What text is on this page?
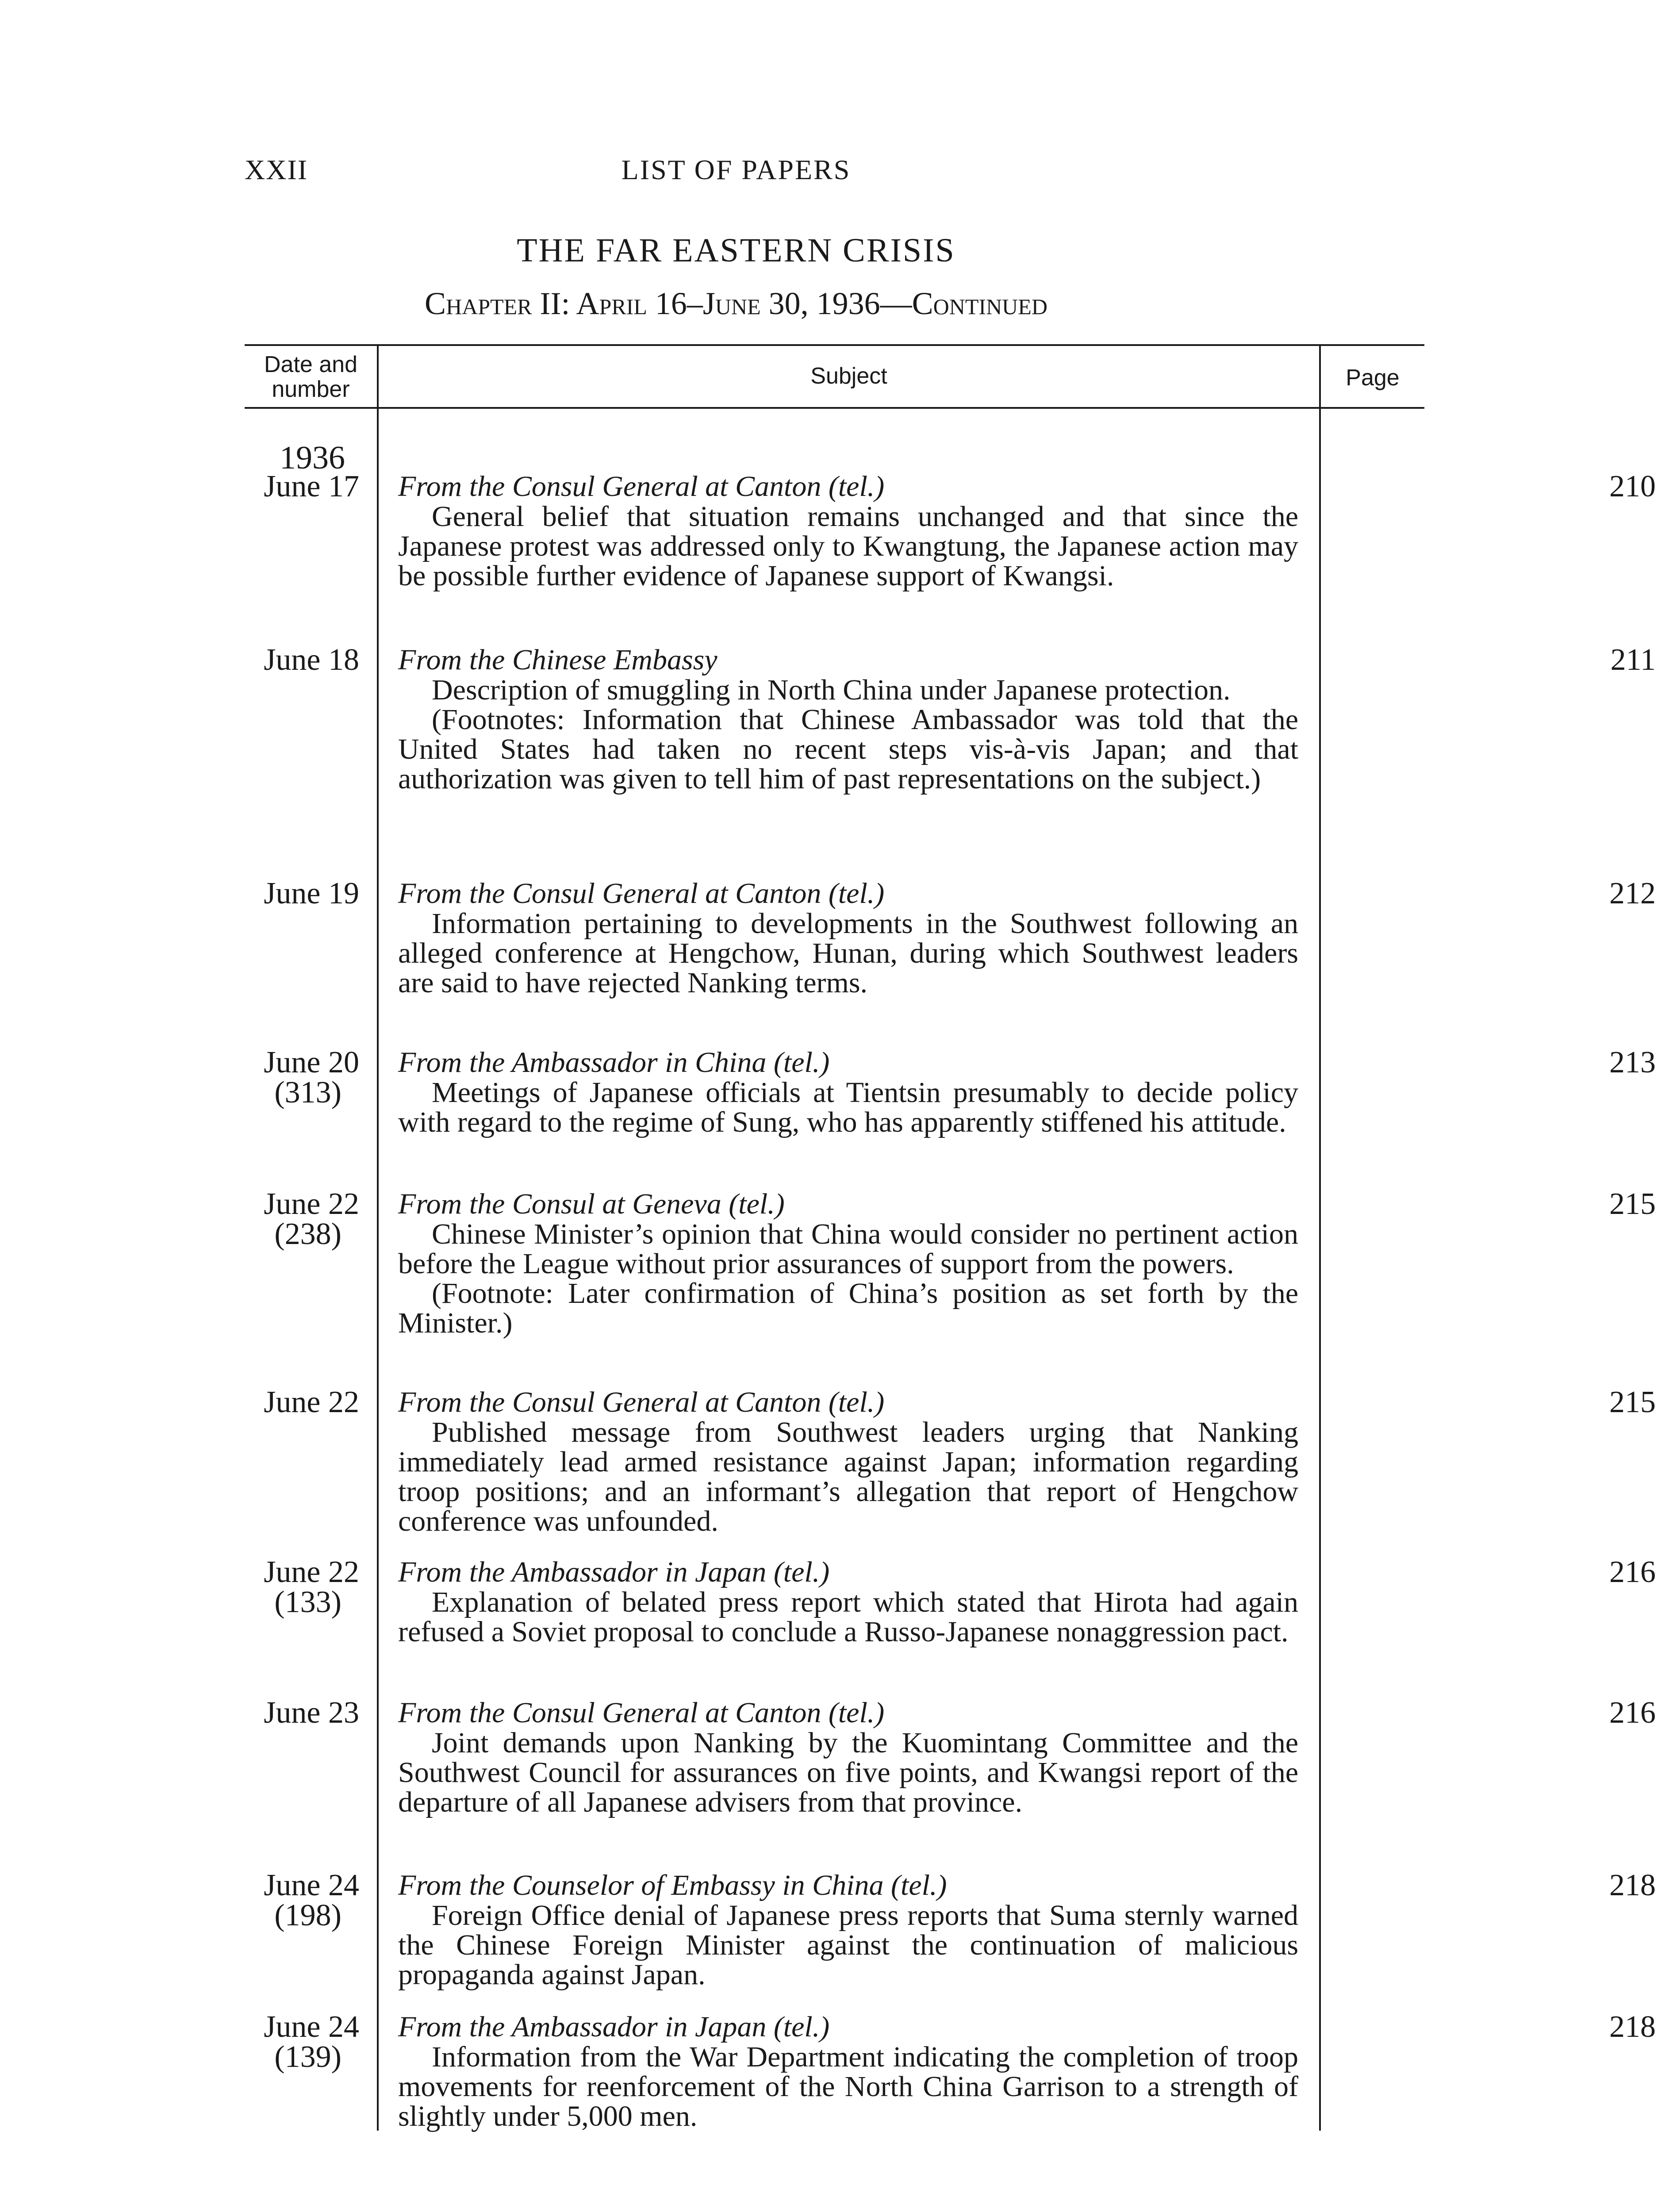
XXII	LIST OF PAPERS
THE FAR EASTERN CRISIS
Chapter II: April 16–June 30, 1936—Continued
Date and
number
Subject	Page
1936
June 17 From the Consul General at Canton (tel.)

General belief that situation remains unchanged and that since the Japanese protest was addressed only to Kwangtung, the Japanese action may be possible further evidence of Japanese support of Kwangsi.

210
June 18 From the Chinese Embassy

Description of smuggling in North China under Japanese protection.

(Footnotes: Information that Chinese Ambassador was told that the United States had taken no recent steps vis-à-vis Japan; and that authorization was given to tell him of past representations on the subject.)

211
June 19 From the Consul General at Canton (tel.)

Information pertaining to developments in the Southwest following an alleged conference at Hengchow, Hunan, during which Southwest leaders are said to have rejected Nanking terms.

212
June 20
(313)
From the Ambassador in China (tel.)

Meetings of Japanese officials at Tientsin presumably to decide policy with regard to the regime of Sung, who has apparently stiffened his attitude.

213
June 22
(238)
From the Consul at Geneva (tel.)

Chinese Minister’s opinion that China would consider no pertinent action before the League without prior assurances of support from the powers.

(Footnote: Later confirmation of China’s position as set forth by the Minister.)

215
June 22 From the Consul General at Canton (tel.)

Published message from Southwest leaders urging that Nanking immediately lead armed resistance against Japan; information regarding troop positions; and an informant’s allegation that report of Hengchow conference was unfounded.

215
June 22
(133)
From the Ambassador in Japan (tel.)

Explanation of belated press report which stated that Hirota had again refused a Soviet proposal to conclude a Russo-Japanese nonaggression pact.

216
June 23 From the Consul General at Canton (tel.)

Joint demands upon Nanking by the Kuomintang Committee and the Southwest Council for assurances on five points, and Kwangsi report of the departure of all Japanese advisers from that province.

216
June 24
(198)
From the Counselor of Embassy in China (tel.)

Foreign Office denial of Japanese press reports that Suma sternly warned the Chinese Foreign Minister against the continuation of malicious propaganda against Japan.

218
June 24
(139)
From the Ambassador in Japan (tel.)

Information from the War Department indicating the completion of troop movements for reenforcement of the North China Garrison to a strength of slightly under 5,000 men.

218
